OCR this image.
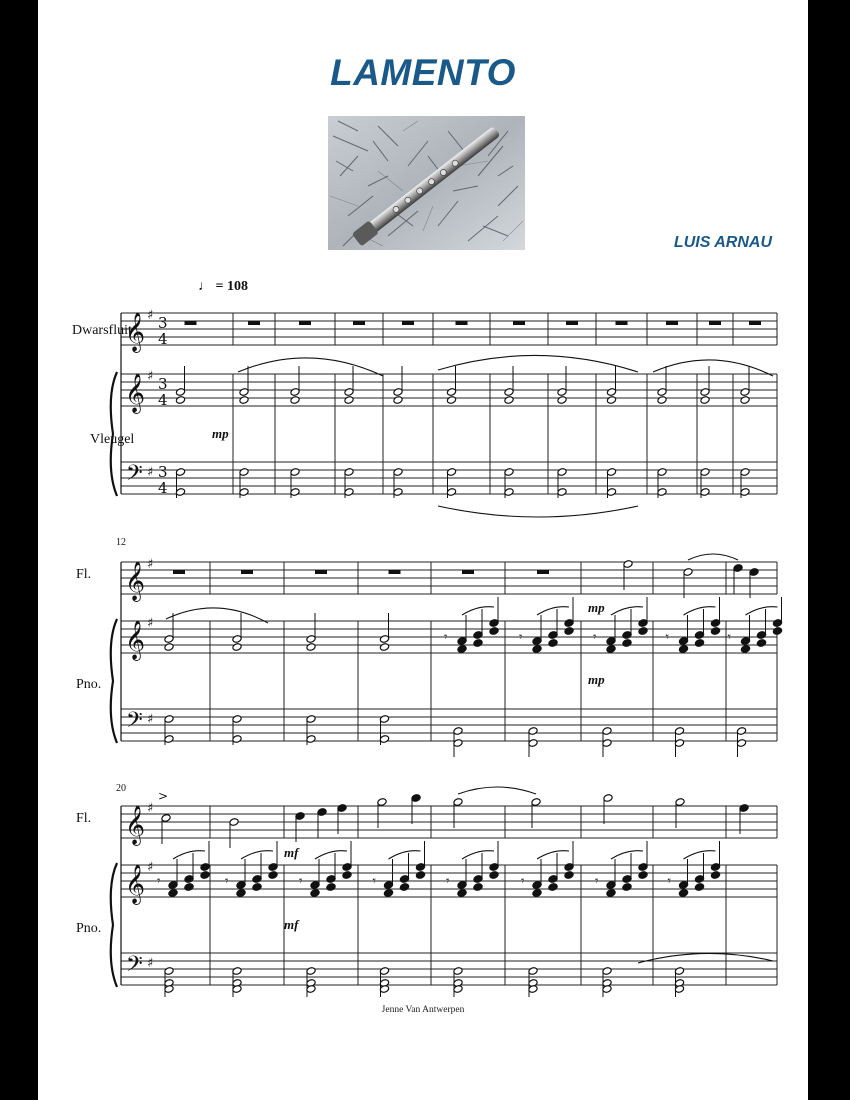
LAMENTO
LUIS ARNAU
𝄞
𝄞
𝄢
♯
♯
♯
3
4
3
4
3
4
𝄞
𝄞
𝄢
♯
♯
♯
𝄞
𝄞
𝄢
♯
♯
♯
>
𝄾	𝄾	𝄾	𝄾	𝄾
𝄾	𝄾	𝄾	𝄾	𝄾	𝄾	𝄾	𝄾
♩ = 108
12
20
mp
mp
mp
mf
mf
Dwarsfluit
Vleugel
Fl.
Pno.
Fl.
Pno.
Jenne Van Antwerpen
